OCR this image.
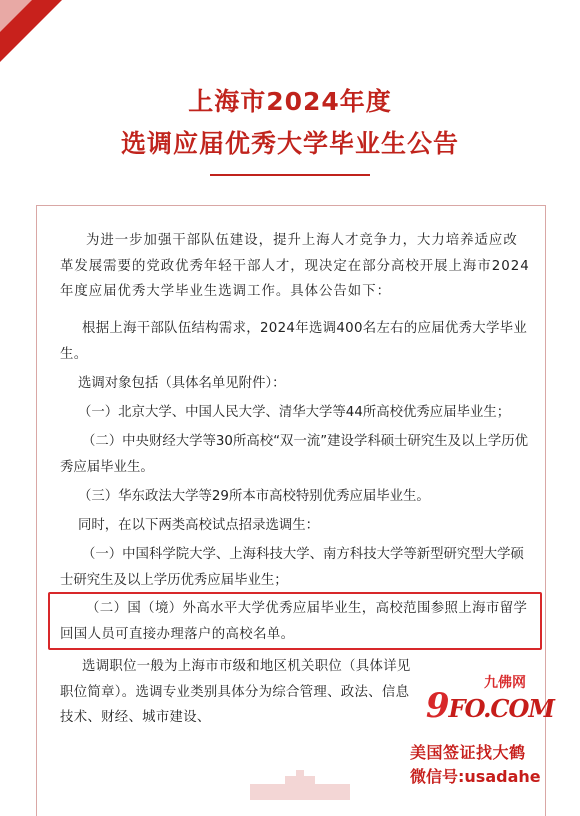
上海市2024年度
选调应届优秀大学毕业生公告
为进一步加强干部队伍建设，提升上海人才竞争力，大力培养适应改革发展需要的党政优秀年轻干部人才，现决定在部分高校开展上海市2024年度应届优秀大学毕业生选调工作。具体公告如下：
根据上海干部队伍结构需求，2024年选调400名左右的应届优秀大学毕业生。
选调对象包括（具体名单见附件）：
（一）北京大学、中国人民大学、清华大学等44所高校优秀应届毕业生；
（二）中央财经大学等30所高校“双一流”建设学科硕士研究生及以上学历优秀应届毕业生。
（三）华东政法大学等29所本市高校特别优秀应届毕业生。
同时，在以下两类高校试点招录选调生：
（一）中国科学院大学、上海科技大学、南方科技大学等新型研究型大学硕士研究生及以上学历优秀应届毕业生；
（二）国（境）外高水平大学优秀应届毕业生，高校范围参照上海市留学回国人员可直接办理落户的高校名单。
选调职位一般为上海市市级和地区机关职位（具体详见职位简章）。选调专业类别具体分为综合管理、政法、信息技术、财经、城市建设、
九佛网
9FO.COM
美国签证找大鹤
微信号:usadahe
